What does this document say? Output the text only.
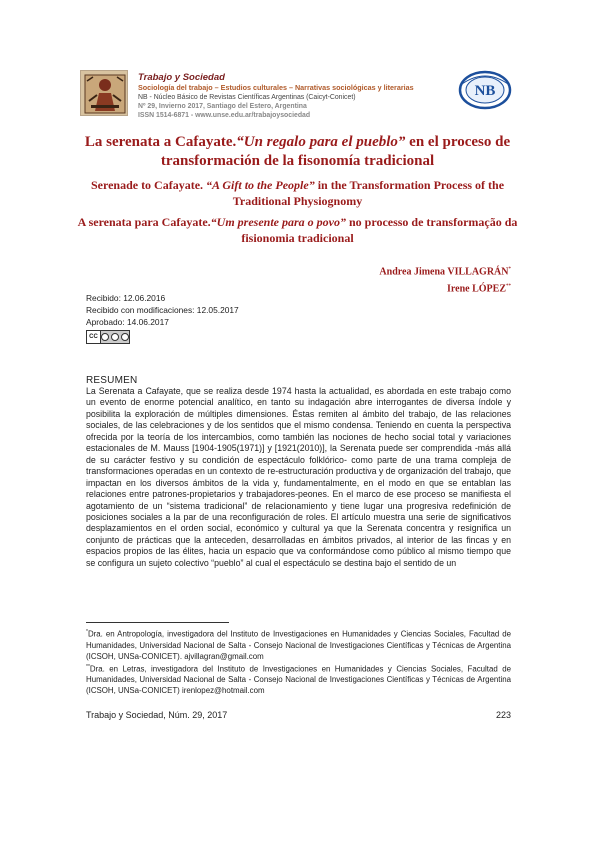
Trabajo y Sociedad
Sociología del trabajo – Estudios culturales – Narrativas sociológicas y literarias
NB - Núcleo Básico de Revistas Científicas Argentinas (Caicyt-Conicet)
Nº 29, Invierno 2017, Santiago del Estero, Argentina
ISSN 1514-6871 - www.unse.edu.ar/trabajoysociedad
NB
La serenata a Cafayate.“Un regalo para el pueblo” en el proceso de transformación de la fisonomía tradicional
Serenade to Cafayate. “A Gift to the People” in the Transformation Process of the Traditional Physiognomy
A serenata para Cafayate.“Um presente para o povo” no processo de transformação da fisionomia tradicional
Andrea Jimena VILLAGRÁN*
Irene LÓPEZ**
Recibido: 12.06.2016
Recibido con modificaciones: 12.05.2017
Aprobado: 14.06.2017
CC
RESUMEN
La Serenata a Cafayate, que se realiza desde 1974 hasta la actualidad, es abordada en este trabajo como un evento de enorme potencial analítico, en tanto su indagación abre interrogantes de diversa índole y posibilita la exploración de múltiples dimensiones. Éstas remiten al ámbito del trabajo, de las relaciones sociales, de las celebraciones y de los sentidos que el mismo condensa. Teniendo en cuenta la perspectiva ofrecida por la teoría de los intercambios, como también las nociones de hecho social total y variaciones estacionales de M. Mauss [1904-1905(1971)] y [1921(2010)], la Serenata puede ser comprendida -más allá de su carácter festivo y su condición de espectáculo folklórico- como parte de una trama compleja de transformaciones operadas en un contexto de re-estructuración productiva y de organización del trabajo, que impactan en los diversos ámbitos de la vida y, fundamentalmente, en el modo en que se entablan las relaciones entre patrones-propietarios y trabajadores-peones. En el marco de ese proceso se manifiesta el agotamiento de un “sistema tradicional” de relacionamiento y tiene lugar una progresiva redefinición de posiciones sociales a la par de una reconfiguración de roles. El artículo muestra una serie de significativos desplazamientos en el orden social, económico y cultural ya que la Serenata concentra y resignifica un conjunto de prácticas que la anteceden, desarrolladas en ámbitos privados, al interior de las fincas y en espacios propios de las élites, hacia un espacio que va conformándose como público al mismo tiempo que se configura un sujeto colectivo “pueblo” al cual el espectáculo se destina bajo el sentido de un

*Dra. en Antropología, investigadora del Instituto de Investigaciones en Humanidades y Ciencias Sociales, Facultad de Humanidades, Universidad Nacional de Salta - Consejo Nacional de Investigaciones Científicas y Técnicas de Argentina (ICSOH, UNSa-CONICET). ajvillagran@gmail.com

**Dra. en Letras, investigadora del Instituto de Investigaciones en Humanidades y Ciencias Sociales, Facultad de Humanidades, Universidad Nacional de Salta - Consejo Nacional de Investigaciones Científicas y Técnicas de Argentina (ICSOH, UNSa-CONICET) irenlopez@hotmail.com

Trabajo y Sociedad, Núm. 29, 2017	223
